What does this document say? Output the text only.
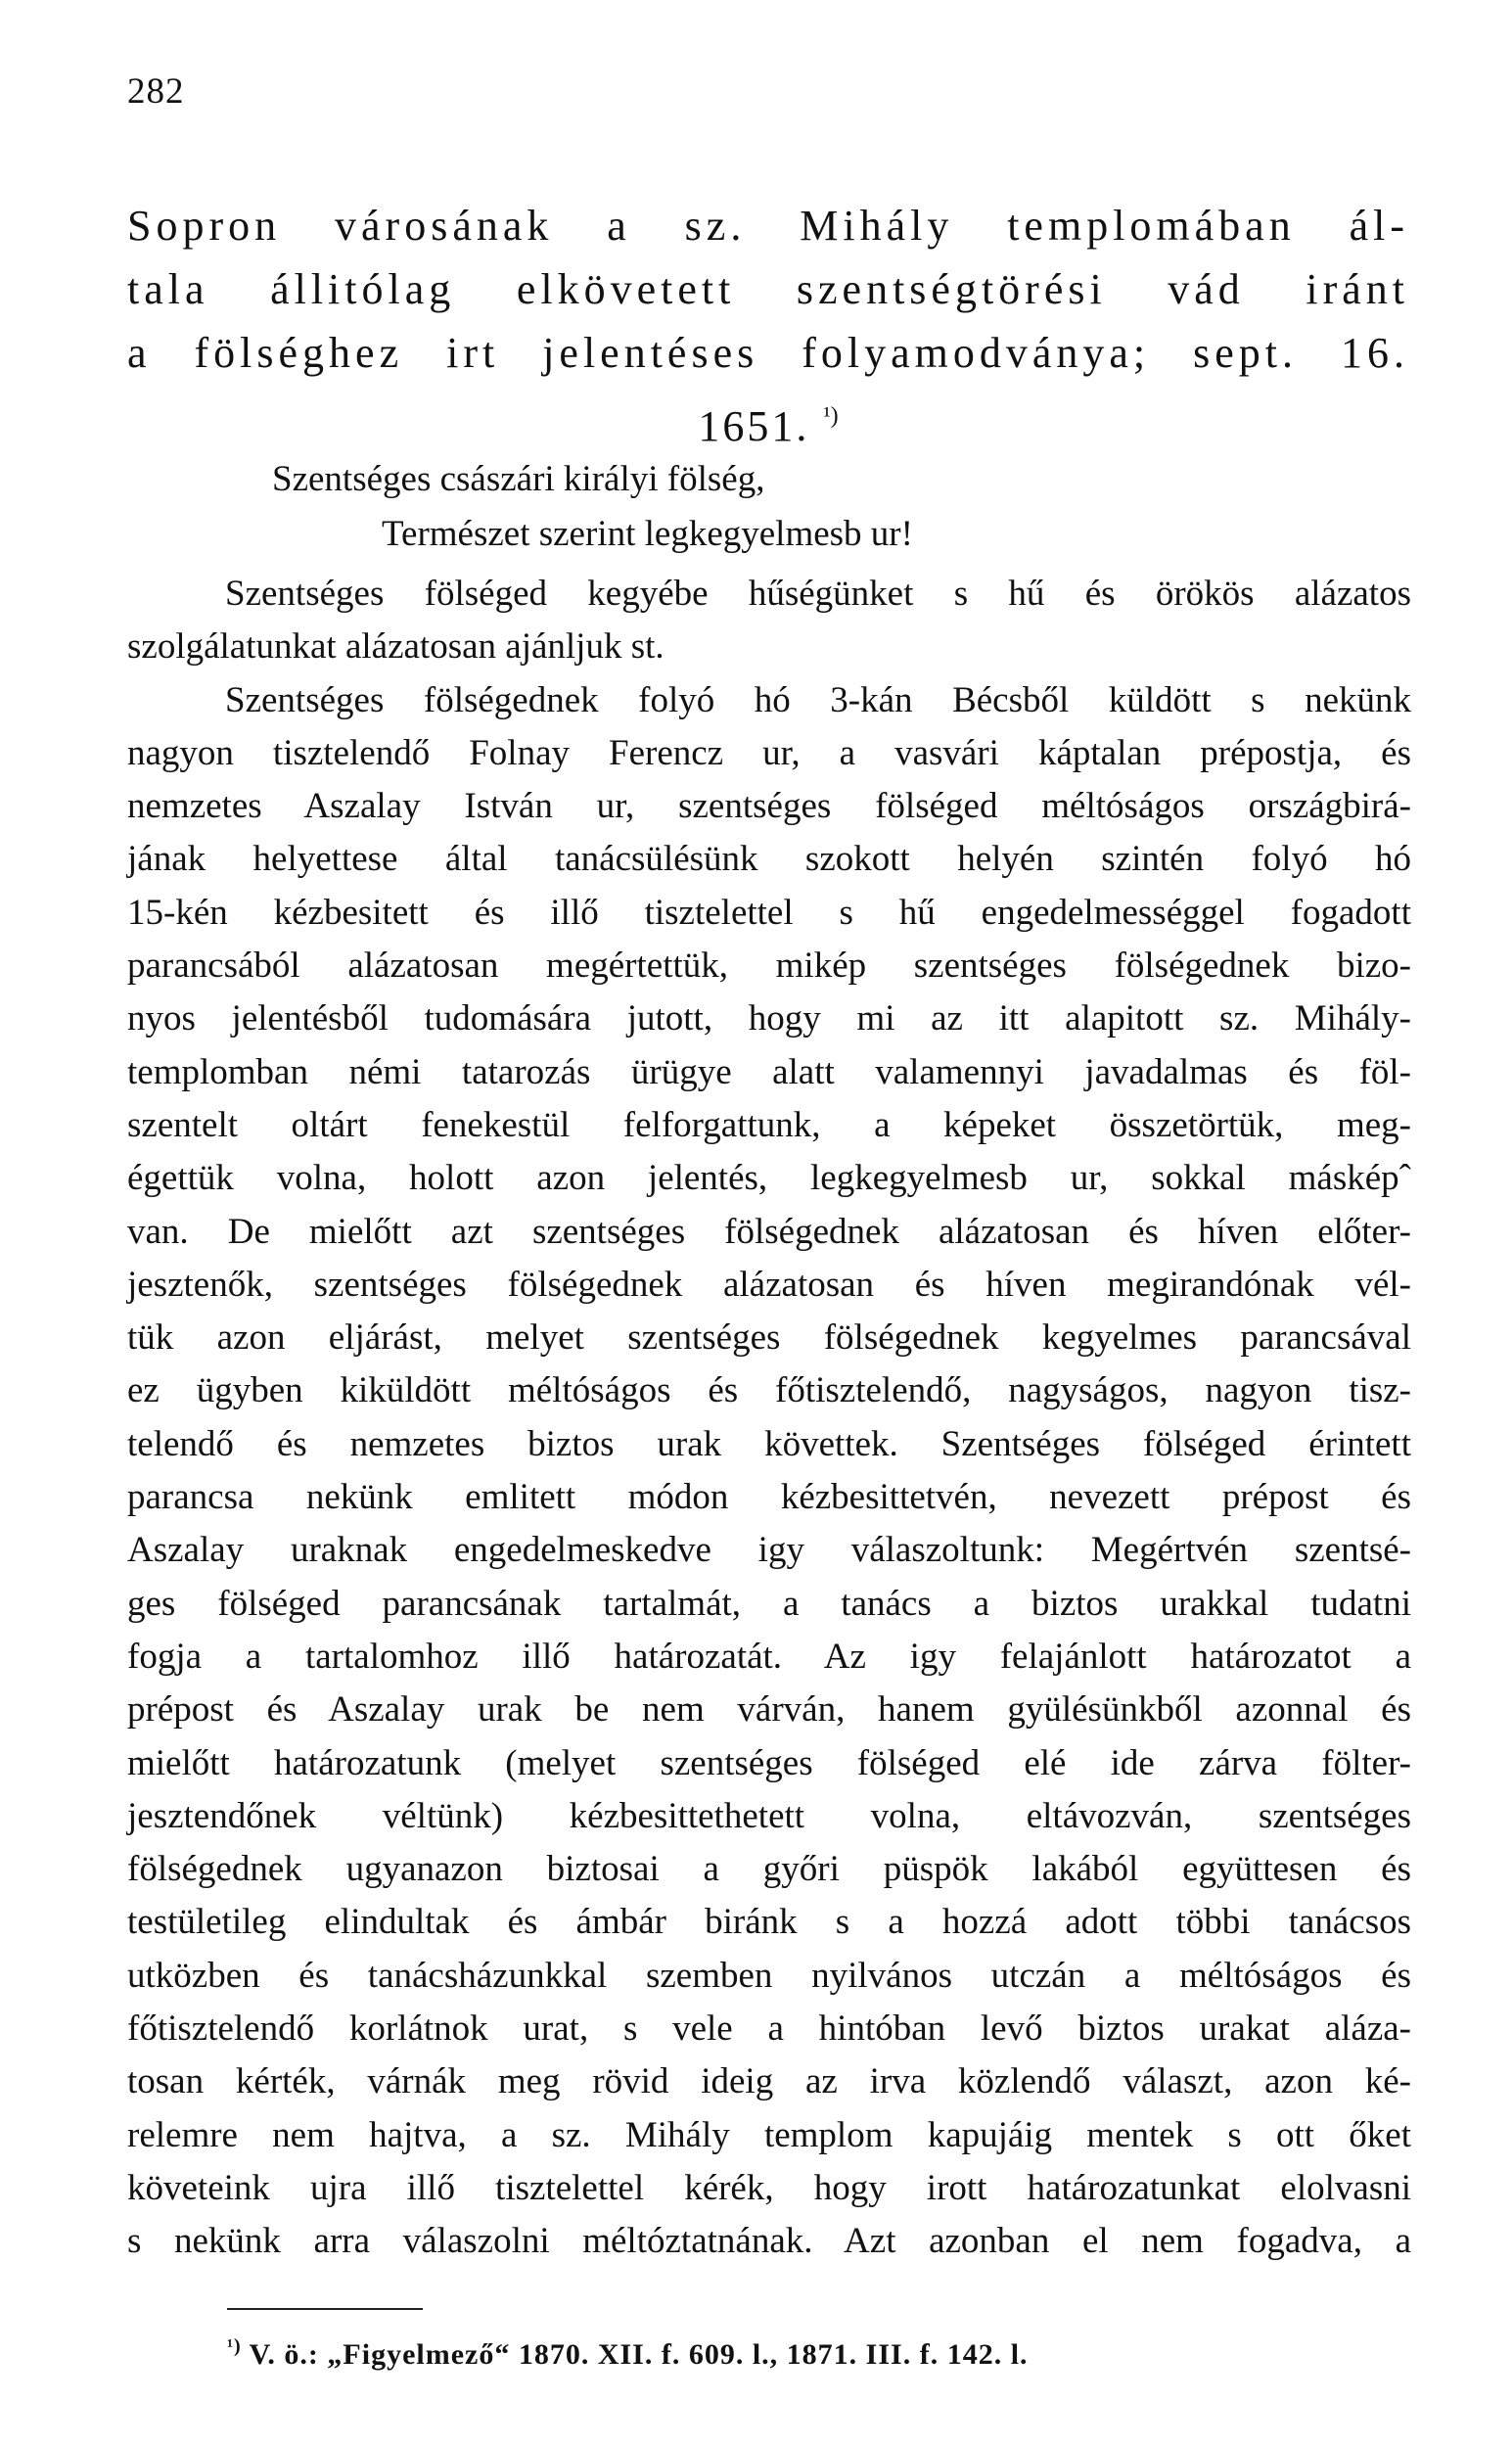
282
Sopron városának a sz. Mihály templomában ál-
tala állitólag elkövetett szentségtörési vád iránt
a fölséghez irt jelentéses folyamodványa; sept. 16.
1651. $^{^1)}$
Szentséges császári királyi fölség,
Természet szerint legkegyelmesb ur!
Szentséges fölséged kegyébe hűségünket s hű és örökös alázatos
szolgálatunkat alázatosan ajánljuk st.
Szentséges fölségednek folyó hó 3-kán Bécsből küldött s nekünk
nagyon tisztelendő Folnay Ferencz ur, a vasvári káptalan prépostja, és
nemzetes Aszalay István ur, szentséges fölséged méltóságos országbirá-
jának helyettese által tanácsülésünk szokott helyén szintén folyó hó
15-kén kézbesitett és illő tisztelettel s hű engedelmességgel fogadott
parancsából alázatosan megértettük, mikép szentséges fölségednek bizo-
nyos jelentésből tudomására jutott, hogy mi az itt alapitott sz. Mihály-
templomban némi tatarozás ürügye alatt valamennyi javadalmas és föl-
szentelt oltárt fenekestül felforgattunk, a képeket összetörtük, meg-
égettük volna, holott azon jelentés, legkegyelmesb ur, sokkal másképˆ
van. De mielőtt azt szentséges fölségednek alázatosan és híven előter-
jesztenők, szentséges fölségednek alázatosan és híven megirandónak vél-
tük azon eljárást, melyet szentséges fölségednek kegyelmes parancsával
ez ügyben kiküldött méltóságos és főtisztelendő, nagyságos, nagyon tisz-
telendő és nemzetes biztos urak követtek. Szentséges fölséged érintett
parancsa nekünk emlitett módon kézbesittetvén, nevezett prépost és
Aszalay uraknak engedelmeskedve igy válaszoltunk: Megértvén szentsé-
ges fölséged parancsának tartalmát, a tanács a biztos urakkal tudatni
fogja a tartalomhoz illő határozatát. Az igy felajánlott határozatot a
prépost és Aszalay urak be nem várván, hanem gyülésünkből azonnal és
mielőtt határozatunk (melyet szentséges fölséged elé ide zárva fölter-
jesztendőnek véltünk) kézbesittethetett volna, eltávozván, szentséges
fölségednek ugyanazon biztosai a győri püspök lakából együttesen és
testületileg elindultak és ámbár biránk s a hozzá adott többi tanácsos
utközben és tanácsházunkkal szemben nyilvános utczán a méltóságos és
főtisztelendő korlátnok urat, s vele a hintóban levő biztos urakat aláza-
tosan kérték, várnák meg rövid ideig az irva közlendő választ, azon ké-
relemre nem hajtva, a sz. Mihály templom kapujáig mentek s ott őket
követeink ujra illő tisztelettel kérék, hogy irott határozatunkat elolvasni
s nekünk arra válaszolni méltóztatnának. Azt azonban el nem fogadva, a
$^{^1)}$ V. ö.: „Figyelmező“ 1870. XII. f. 609. l., 1871. III. f. 142. l.
